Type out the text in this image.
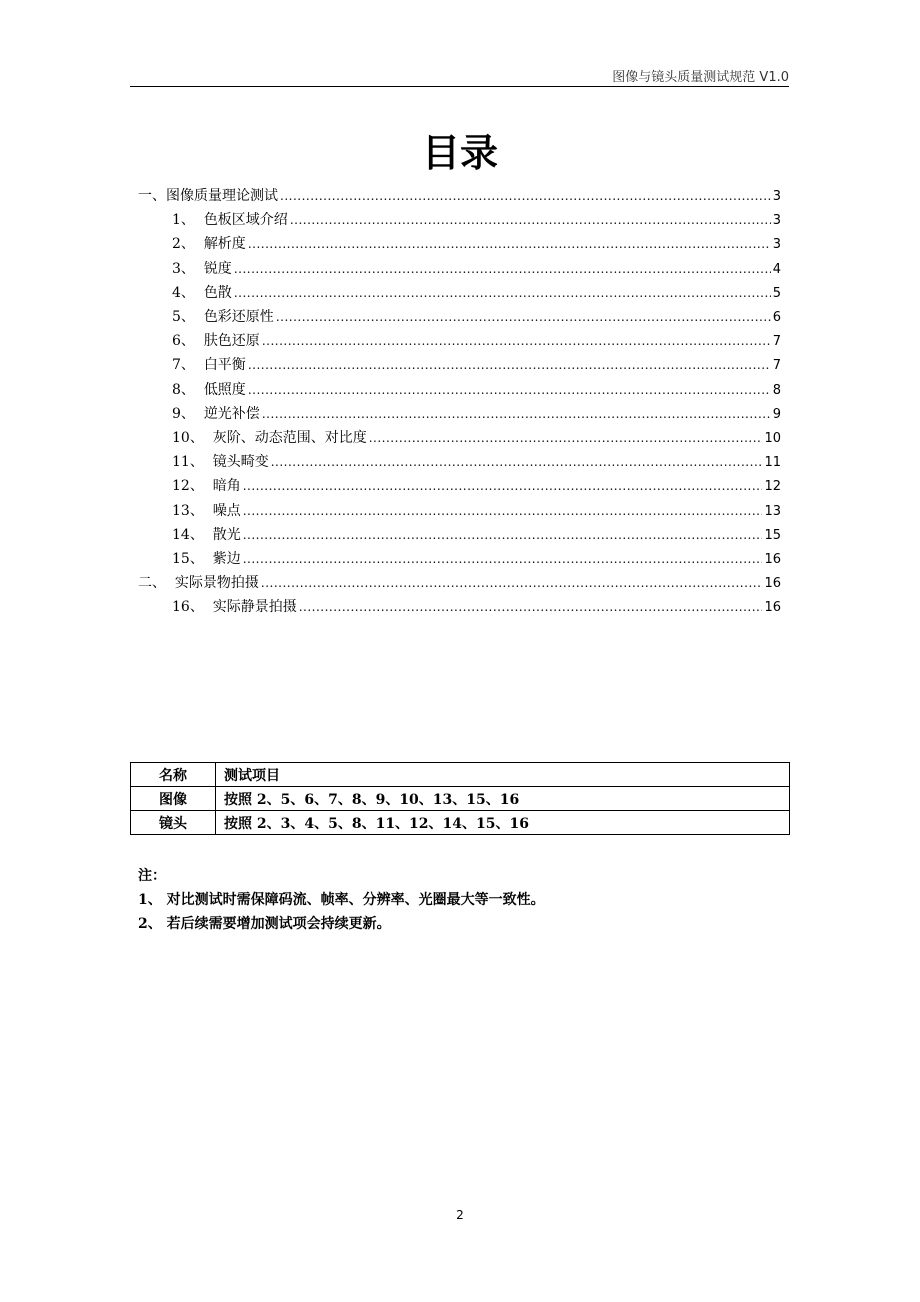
图像与镜头质量测试规范 V1.0
目录
一、 图像质量理论测试 .....	3
1、 色板区域介绍 .....	3
2、 解析度 .....	3
3、 锐度 .....	4
4、 色散 .....	5
5、 色彩还原性 .....	6
6、 肤色还原 .....	7
7、 白平衡 .....	7
8、 低照度 .....	8
9、 逆光补偿 .....	9
10、 灰阶、动态范围、对比度 .....	10
11、 镜头畸变 .....	11
12、 暗角 .....	12
13、 噪点 .....	13
14、 散光 .....	15
15、 紫边 .....	16
二、 实际景物拍摄 .....	16
16、 实际静景拍摄 .....	16
名称	测试项目
图像	按照 2、5、6、7、8、9、10、13、15、16
镜头	按照 2、3、4、5、8、11、12、14、15、16
注：
1、 对比测试时需保障码流、帧率、分辨率、光圈最大等一致性。
2、 若后续需要增加测试项会持续更新。
2
